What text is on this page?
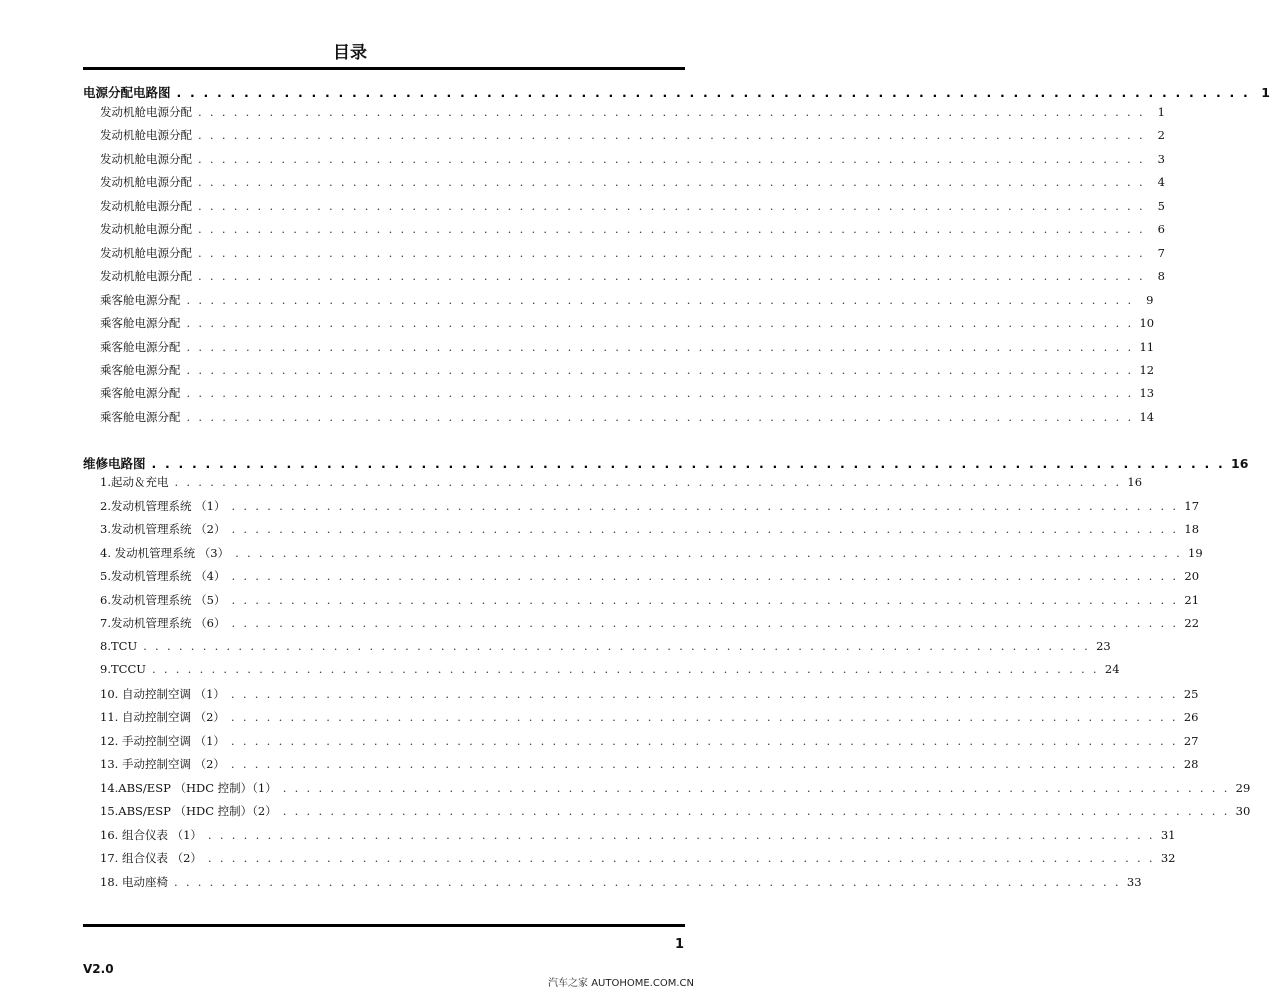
目录
电源分配电路图 . . . . . . . . . . . . . . . . . . . . . . . . . . . . . . . . . . . . . . . . . . . . . . . . . . . . . . . . . . . . . . . . . . . . . . . . . . . . . . . . 1
发动机舱电源分配 . . . . . . . . . . . . . . . . . . . . . . . . . . . . . . . . . . . . . . . . . . . . . . . . . . . . . . . . . . . . . . . . . . . . . . . . . . . . . . . .	1
发动机舱电源分配 . . . . . . . . . . . . . . . . . . . . . . . . . . . . . . . . . . . . . . . . . . . . . . . . . . . . . . . . . . . . . . . . . . . . . . . . . . . . . . . .	2
发动机舱电源分配 . . . . . . . . . . . . . . . . . . . . . . . . . . . . . . . . . . . . . . . . . . . . . . . . . . . . . . . . . . . . . . . . . . . . . . . . . . . . . . . .	3
发动机舱电源分配 . . . . . . . . . . . . . . . . . . . . . . . . . . . . . . . . . . . . . . . . . . . . . . . . . . . . . . . . . . . . . . . . . . . . . . . . . . . . . . . .	4
发动机舱电源分配 . . . . . . . . . . . . . . . . . . . . . . . . . . . . . . . . . . . . . . . . . . . . . . . . . . . . . . . . . . . . . . . . . . . . . . . . . . . . . . . .	5
发动机舱电源分配 . . . . . . . . . . . . . . . . . . . . . . . . . . . . . . . . . . . . . . . . . . . . . . . . . . . . . . . . . . . . . . . . . . . . . . . . . . . . . . . .	6
发动机舱电源分配 . . . . . . . . . . . . . . . . . . . . . . . . . . . . . . . . . . . . . . . . . . . . . . . . . . . . . . . . . . . . . . . . . . . . . . . . . . . . . . . .	7
发动机舱电源分配 . . . . . . . . . . . . . . . . . . . . . . . . . . . . . . . . . . . . . . . . . . . . . . . . . . . . . . . . . . . . . . . . . . . . . . . . . . . . . . . .	8
乘客舱电源分配 . . . . . . . . . . . . . . . . . . . . . . . . . . . . . . . . . . . . . . . . . . . . . . . . . . . . . . . . . . . . . . . . . . . . . . . . . . . . . . . .	9
乘客舱电源分配 . . . . . . . . . . . . . . . . . . . . . . . . . . . . . . . . . . . . . . . . . . . . . . . . . . . . . . . . . . . . . . . . . . . . . . . . . . . . . . . . 10
乘客舱电源分配 . . . . . . . . . . . . . . . . . . . . . . . . . . . . . . . . . . . . . . . . . . . . . . . . . . . . . . . . . . . . . . . . . . . . . . . . . . . . . . . . 11
乘客舱电源分配 . . . . . . . . . . . . . . . . . . . . . . . . . . . . . . . . . . . . . . . . . . . . . . . . . . . . . . . . . . . . . . . . . . . . . . . . . . . . . . . . 12
乘客舱电源分配 . . . . . . . . . . . . . . . . . . . . . . . . . . . . . . . . . . . . . . . . . . . . . . . . . . . . . . . . . . . . . . . . . . . . . . . . . . . . . . . . 13
乘客舱电源分配 . . . . . . . . . . . . . . . . . . . . . . . . . . . . . . . . . . . . . . . . . . . . . . . . . . . . . . . . . . . . . . . . . . . . . . . . . . . . . . . . 14
维修电路图 . . . . . . . . . . . . . . . . . . . . . . . . . . . . . . . . . . . . . . . . . . . . . . . . . . . . . . . . . . . . . . . . . . . . . . . . . . . . . . . . 16
1.起动＆充电 . . . . . . . . . . . . . . . . . . . . . . . . . . . . . . . . . . . . . . . . . . . . . . . . . . . . . . . . . . . . . . . . . . . . . . . . . . . . . . . . 16
2.发动机管理系统 （1） . . . . . . . . . . . . . . . . . . . . . . . . . . . . . . . . . . . . . . . . . . . . . . . . . . . . . . . . . . . . . . . . . . . . . . . . . . . . . . . . 17
3.发动机管理系统 （2） . . . . . . . . . . . . . . . . . . . . . . . . . . . . . . . . . . . . . . . . . . . . . . . . . . . . . . . . . . . . . . . . . . . . . . . . . . . . . . . . 18
4. 发动机管理系统 （3） . . . . . . . . . . . . . . . . . . . . . . . . . . . . . . . . . . . . . . . . . . . . . . . . . . . . . . . . . . . . . . . . . . . . . . . . . . . . . . . . 19
5.发动机管理系统 （4） . . . . . . . . . . . . . . . . . . . . . . . . . . . . . . . . . . . . . . . . . . . . . . . . . . . . . . . . . . . . . . . . . . . . . . . . . . . . . . . . 20
6.发动机管理系统 （5） . . . . . . . . . . . . . . . . . . . . . . . . . . . . . . . . . . . . . . . . . . . . . . . . . . . . . . . . . . . . . . . . . . . . . . . . . . . . . . . . 21
7.发动机管理系统 （6） . . . . . . . . . . . . . . . . . . . . . . . . . . . . . . . . . . . . . . . . . . . . . . . . . . . . . . . . . . . . . . . . . . . . . . . . . . . . . . . . 22
8.TCU . . . . . . . . . . . . . . . . . . . . . . . . . . . . . . . . . . . . . . . . . . . . . . . . . . . . . . . . . . . . . . . . . . . . . . . . . . . . . . . . 23
9.TCCU . . . . . . . . . . . . . . . . . . . . . . . . . . . . . . . . . . . . . . . . . . . . . . . . . . . . . . . . . . . . . . . . . . . . . . . . . . . . . . . . 24
10. 自动控制空调 （1） . . . . . . . . . . . . . . . . . . . . . . . . . . . . . . . . . . . . . . . . . . . . . . . . . . . . . . . . . . . . . . . . . . . . . . . . . . . . . . . . 25
11. 自动控制空调 （2） . . . . . . . . . . . . . . . . . . . . . . . . . . . . . . . . . . . . . . . . . . . . . . . . . . . . . . . . . . . . . . . . . . . . . . . . . . . . . . . . 26
12. 手动控制空调 （1） . . . . . . . . . . . . . . . . . . . . . . . . . . . . . . . . . . . . . . . . . . . . . . . . . . . . . . . . . . . . . . . . . . . . . . . . . . . . . . . . 27
13. 手动控制空调 （2） . . . . . . . . . . . . . . . . . . . . . . . . . . . . . . . . . . . . . . . . . . . . . . . . . . . . . . . . . . . . . . . . . . . . . . . . . . . . . . . . 28
14.ABS/ESP （HDC 控制）（1） . . . . . . . . . . . . . . . . . . . . . . . . . . . . . . . . . . . . . . . . . . . . . . . . . . . . . . . . . . . . . . . . . . . . . . . . . . . . . . . . 29
15.ABS/ESP （HDC 控制）（2） . . . . . . . . . . . . . . . . . . . . . . . . . . . . . . . . . . . . . . . . . . . . . . . . . . . . . . . . . . . . . . . . . . . . . . . . . . . . . . . . 30
16. 组合仪表 （1） . . . . . . . . . . . . . . . . . . . . . . . . . . . . . . . . . . . . . . . . . . . . . . . . . . . . . . . . . . . . . . . . . . . . . . . . . . . . . . . . 31
17. 组合仪表 （2） . . . . . . . . . . . . . . . . . . . . . . . . . . . . . . . . . . . . . . . . . . . . . . . . . . . . . . . . . . . . . . . . . . . . . . . . . . . . . . . . 32
18. 电动座椅 . . . . . . . . . . . . . . . . . . . . . . . . . . . . . . . . . . . . . . . . . . . . . . . . . . . . . . . . . . . . . . . . . . . . . . . . . . . . . . . . 33
1
V2.0
汽车之家 AUTOHOME.COM.CN
